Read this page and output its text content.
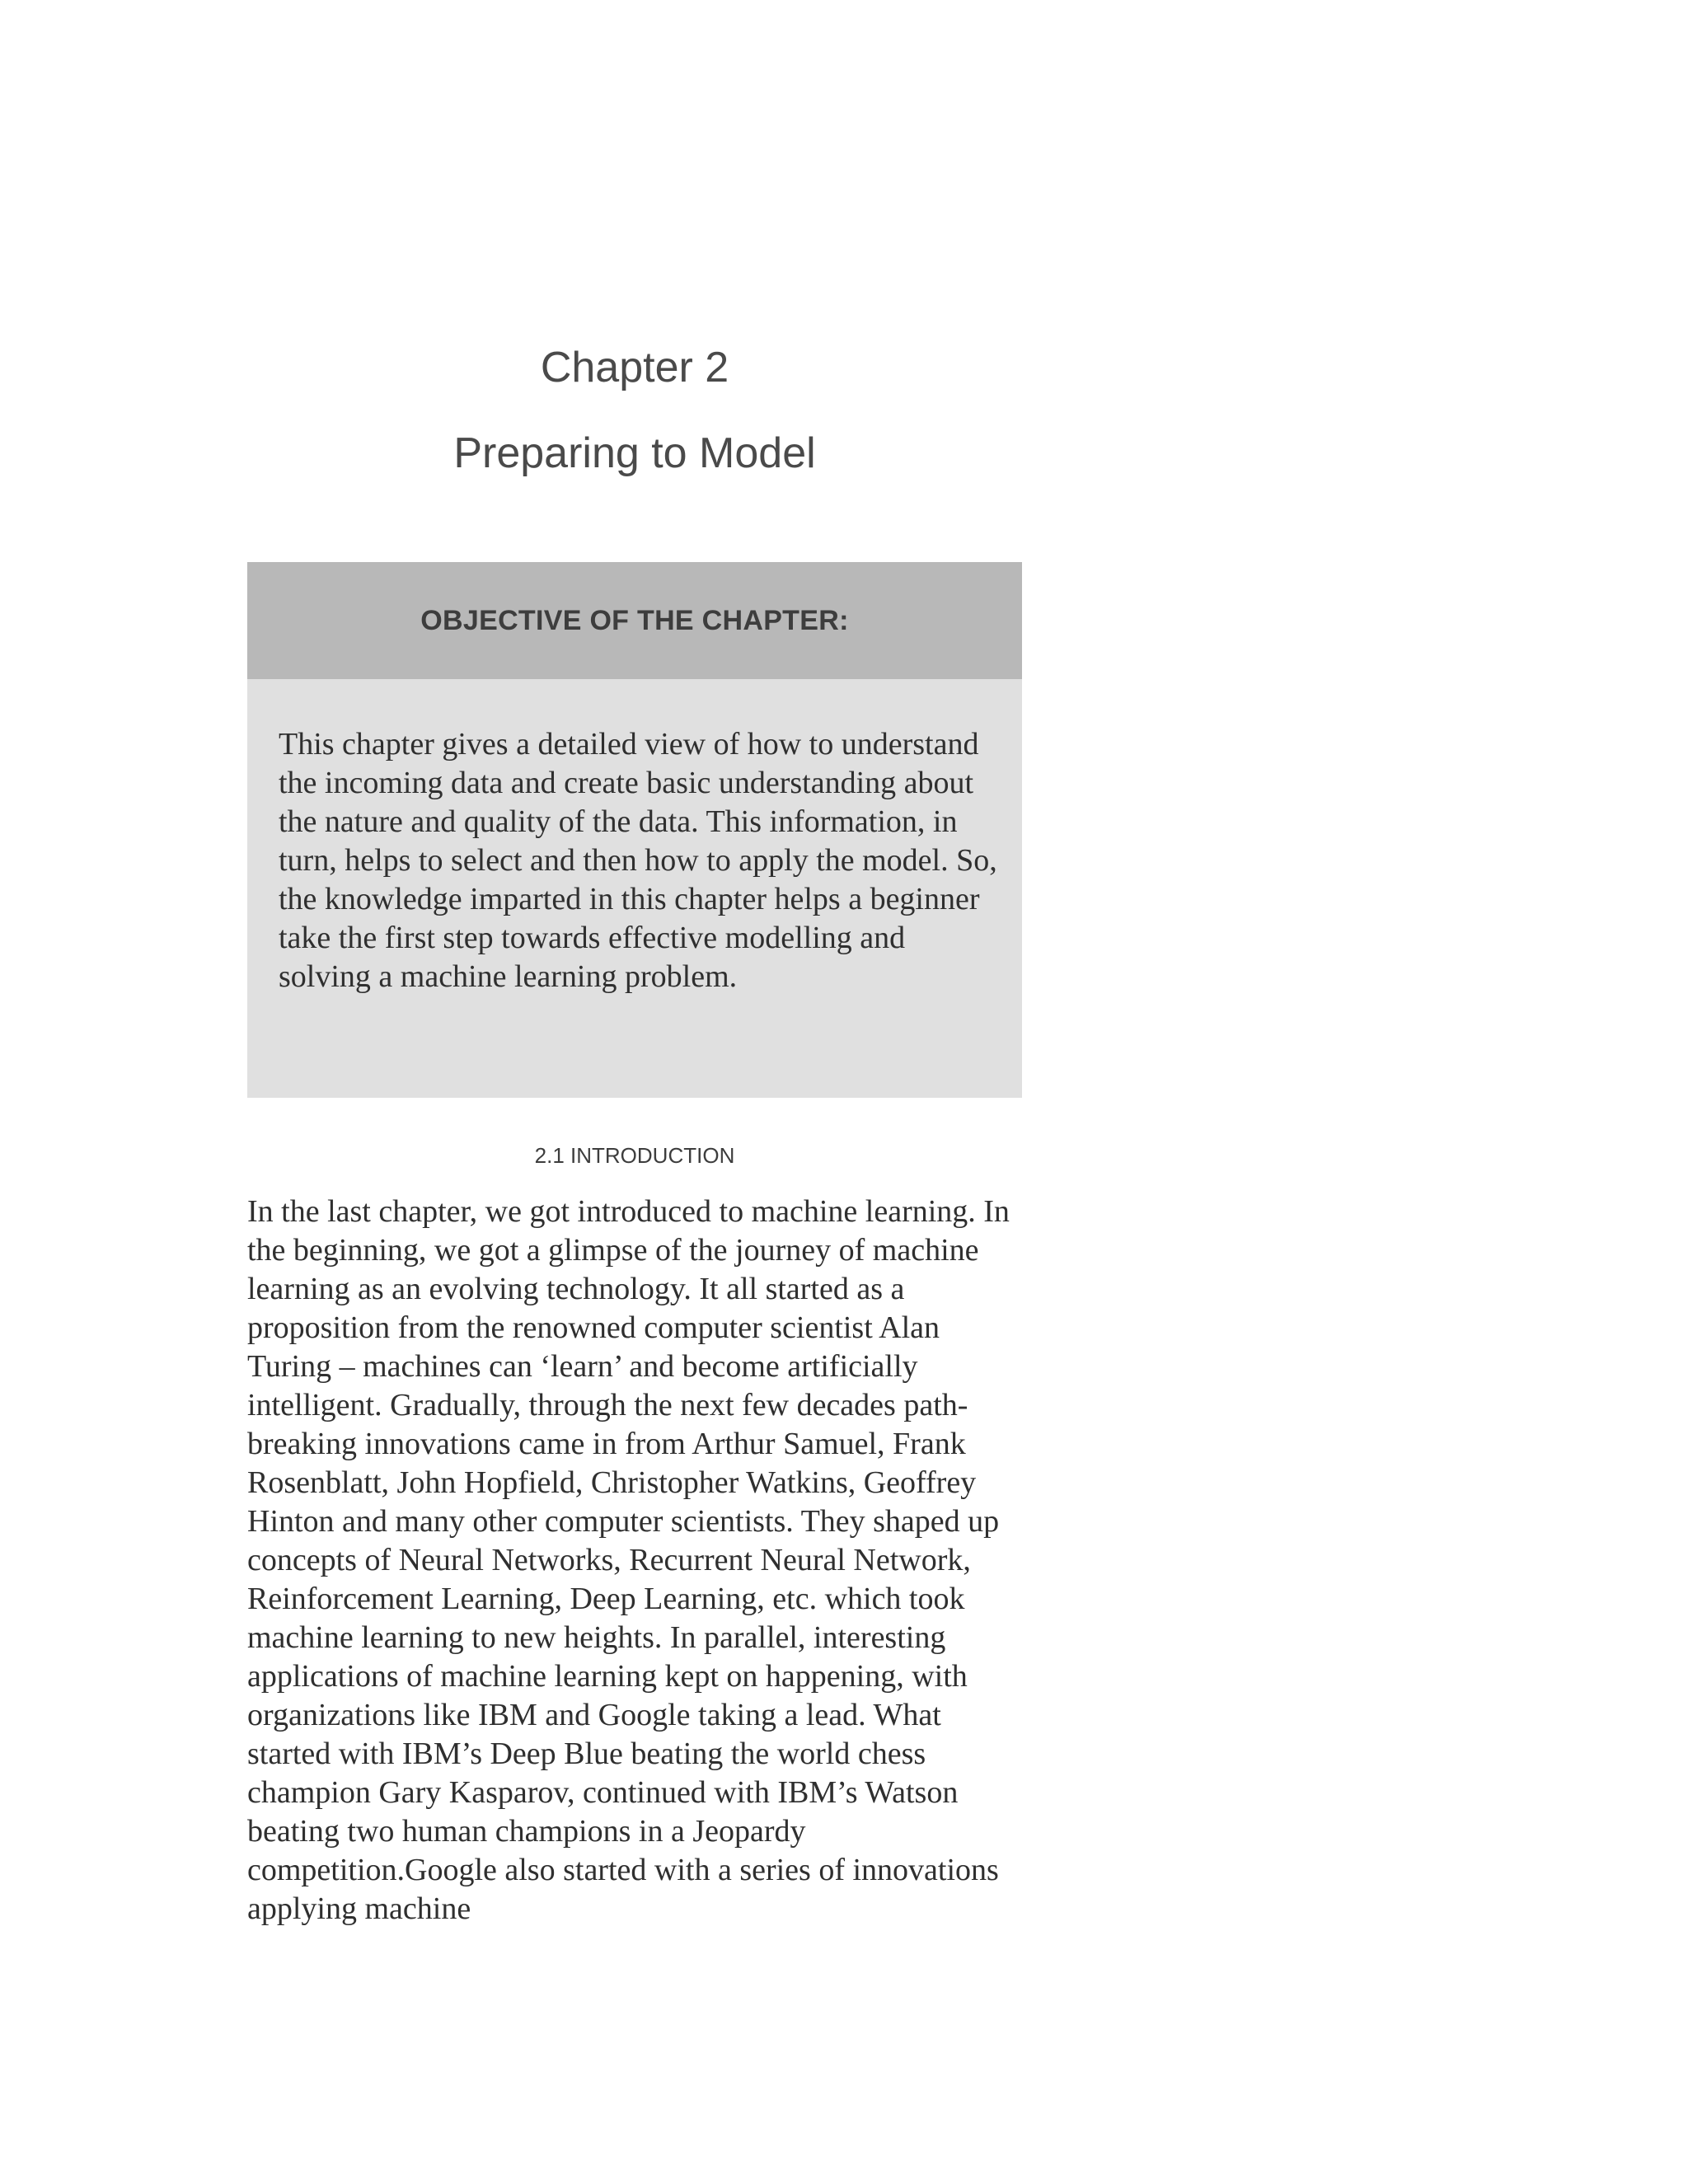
Chapter 2
Preparing to Model
OBJECTIVE OF THE CHAPTER:

This chapter gives a detailed view of how to understand the incoming data and create basic understanding about the nature and quality of the data. This information, in turn, helps to select and then how to apply the model. So, the knowledge imparted in this chapter helps a beginner take the first step towards effective modelling and solving a machine learning problem.

2.1 INTRODUCTION

In the last chapter, we got introduced to machine learning. In the beginning, we got a glimpse of the journey of machine learning as an evolving technology. It all started as a proposition from the renowned computer scientist Alan Turing – machines can ‘learn’ and become artificially intelligent. Gradually, through the next few decades path-breaking innovations came in from Arthur Samuel, Frank Rosenblatt, John Hopfield, Christopher Watkins, Geoffrey Hinton and many other computer scientists. They shaped up concepts of Neural Networks, Recurrent Neural Network, Reinforcement Learning, Deep Learning, etc. which took machine learning to new heights. In parallel, interesting applications of machine learning kept on happening, with organizations like IBM and Google taking a lead. What started with IBM’s Deep Blue beating the world chess champion Gary Kasparov, continued with IBM’s Watson beating two human champions in a Jeopardy competition.Google also started with a series of innovations applying machine
